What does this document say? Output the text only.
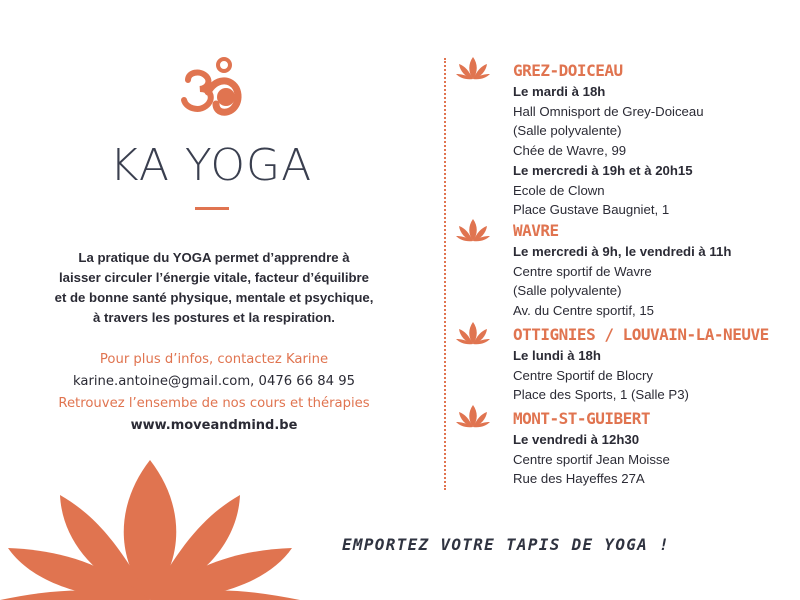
KA YOGA
La pratique du YOGA permet d’apprendre à
laisser circuler l’énergie vitale, facteur d’équilibre
et de bonne santé physique, mentale et psychique,
à travers les postures et la respiration.
Pour plus d’infos, contactez Karine
karine.antoine@gmail.com, 0476 66 84 95
Retrouvez l’ensembe de nos cours et thérapies
www.moveandmind.be
GREZ-DOICEAU
Le mardi à 18h
Hall Omnisport de Grey-Doiceau
(Salle polyvalente)
Chée de Wavre, 99
Le mercredi à 19h et à 20h15
Ecole de Clown
Place Gustave Baugniet, 1
WAVRE
Le mercredi à 9h, le vendredi à 11h
Centre sportif de Wavre
(Salle polyvalente)
Av. du Centre sportif, 15
OTTIGNIES / LOUVAIN-LA-NEUVE
Le lundi à 18h
Centre Sportif de Blocry
Place des Sports, 1 (Salle P3)
MONT-ST-GUIBERT
Le vendredi à 12h30
Centre sportif Jean Moisse
Rue des Hayeffes 27A
EMPORTEZ VOTRE TAPIS DE YOGA !
